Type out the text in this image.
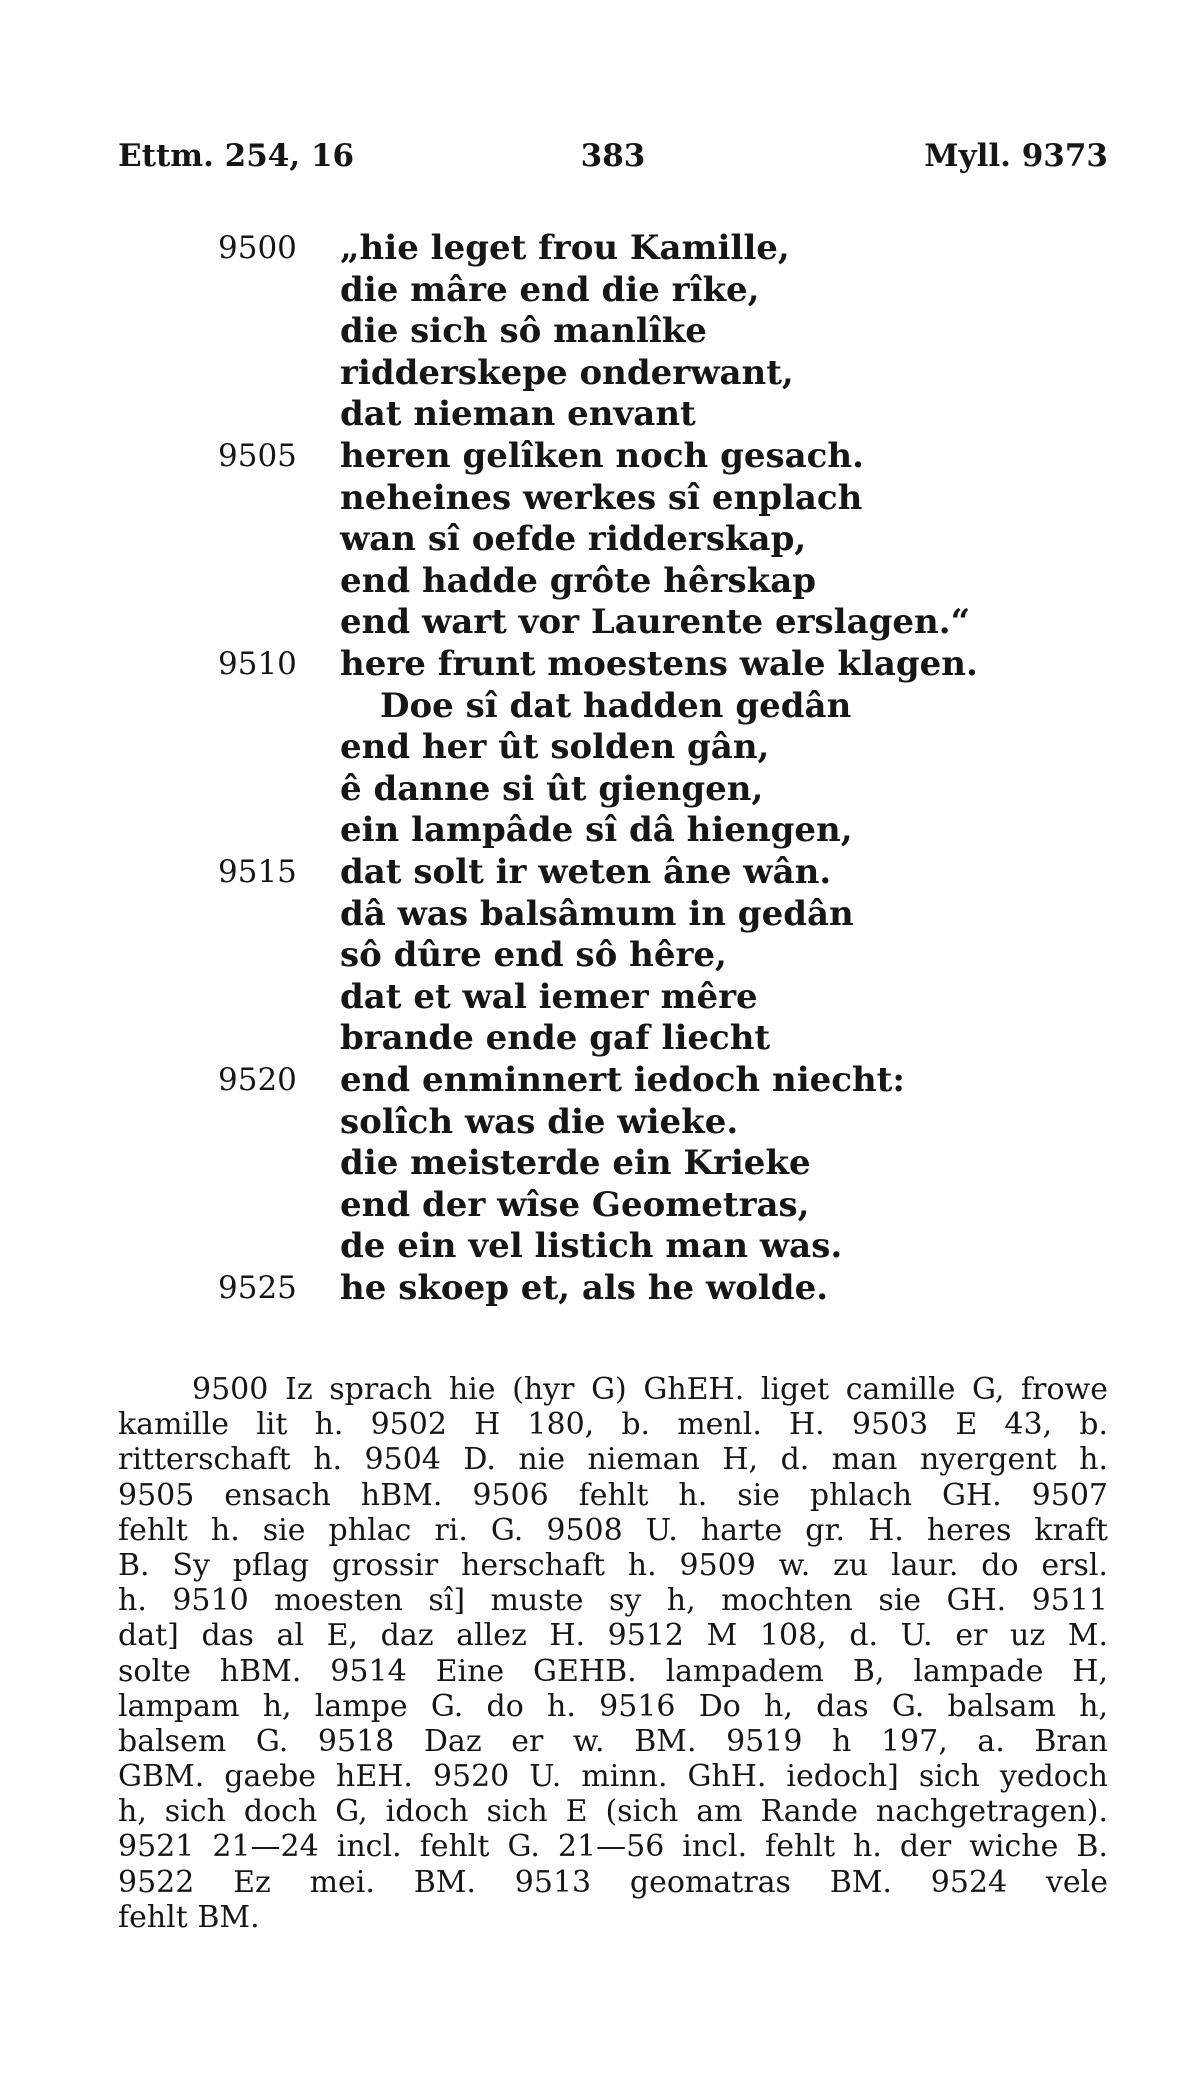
Ettm. 254, 16	383	Myll. 9373
9500	„hie leget frou Kamille,
die mâre end die rîke,
die sich sô manlîke
ridderskepe onderwant,
dat nieman envant
9505	heren gelîken noch gesach.
neheines werkes sî enplach
wan sî oefde ridderskap,
end hadde grôte hêrskap
end wart vor Laurente erslagen.“
9510	here frunt moestens wale klagen.
Doe sî dat hadden gedân
end her ût solden gân,
ê danne si ût giengen,
ein lampâde sî dâ hiengen,
9515	dat solt ir weten âne wân.
dâ was balsâmum in gedân
sô dûre end sô hêre,
dat et wal iemer mêre
brande ende gaf liecht
9520	end enminnert iedoch niecht:
solîch was die wieke.
die meisterde ein Krieke
end der wîse Geometras,
de ein vel listich man was.
9525	he skoep et, als he wolde.
9500 Iz sprach hie (hyr G) GhEH. liget camille G, frowe
kamille lit h. 9502 H 180, b. menl. H. 9503 E 43, b.
ritterschaft h. 9504 D. nie nieman H, d. man nyergent h.
9505 ensach hBM. 9506 fehlt h. sie phlach GH. 9507
fehlt h. sie phlac ri. G. 9508 U. harte gr. H. heres kraft
B. Sy pflag grossir herschaft h. 9509 w. zu laur. do ersl.
h. 9510 moesten sî] muste sy h, mochten sie GH. 9511
dat] das al E, daz allez H. 9512 M 108, d. U. er uz M.
solte hBM. 9514 Eine GEHB. lampadem B, lampade H,
lampam h, lampe G. do h. 9516 Do h, das G. balsam h,
balsem G. 9518 Daz er w. BM. 9519 h 197, a. Bran
GBM. gaebe hEH. 9520 U. minn. GhH. iedoch] sich yedoch
h, sich doch G, idoch sich E (sich am Rande nachgetragen).
9521 21—24 incl. fehlt G. 21—56 incl. fehlt h. der wiche B.
9522 Ez mei. BM. 9513 geomatras BM. 9524 vele
fehlt BM.
